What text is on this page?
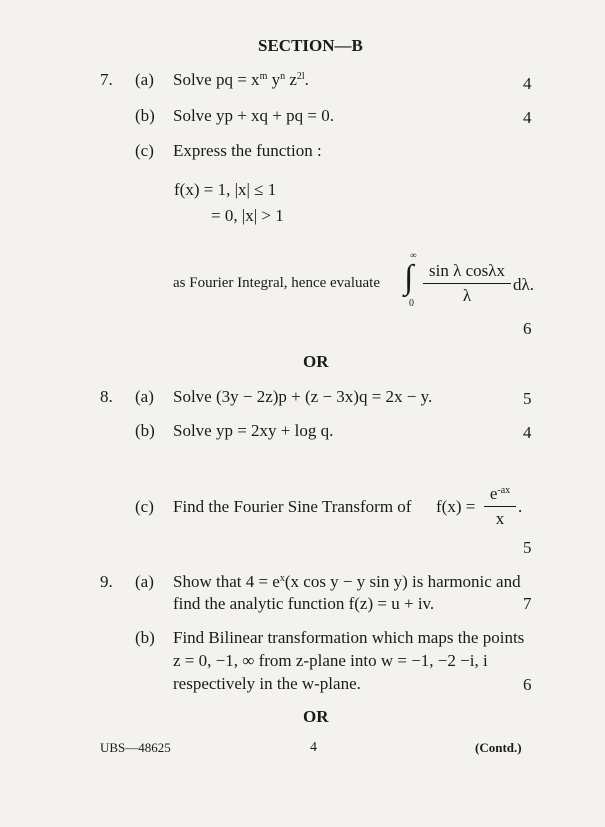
SECTION—B
7. (a) Solve pq = $x^m$ $y^n$ $z^{2l}$.	4
(b) Solve yp + xq + pq = 0.	4
(c) Express the function :
f(x) = 1, |x| ≤ 1
= 0, |x| > 1
as Fourier Integral, hence evaluate
∞
∫
0
sin λ cosλx
λ
dλ.
6
OR
8. (a) Solve (3y − 2z)p + (z − 3x)q = 2x − y.	5
(b) Solve yp = 2xy + log q.	4
(c) Find the Fourier Sine Transform of f(x) =
$e^{-ax}$
x
.
5
9. (a) Show that $4 = e^x(x$ cos y − y sin y) is harmonic and
find the analytic function f(z) = u + iv.	7
(b) Find Bilinear transformation which maps the points
z = 0, −1, ∞ from z-plane into w = −1, −2 −i, i
respectively in the w-plane.	6
OR
UBS—48625	4	(Contd.)
